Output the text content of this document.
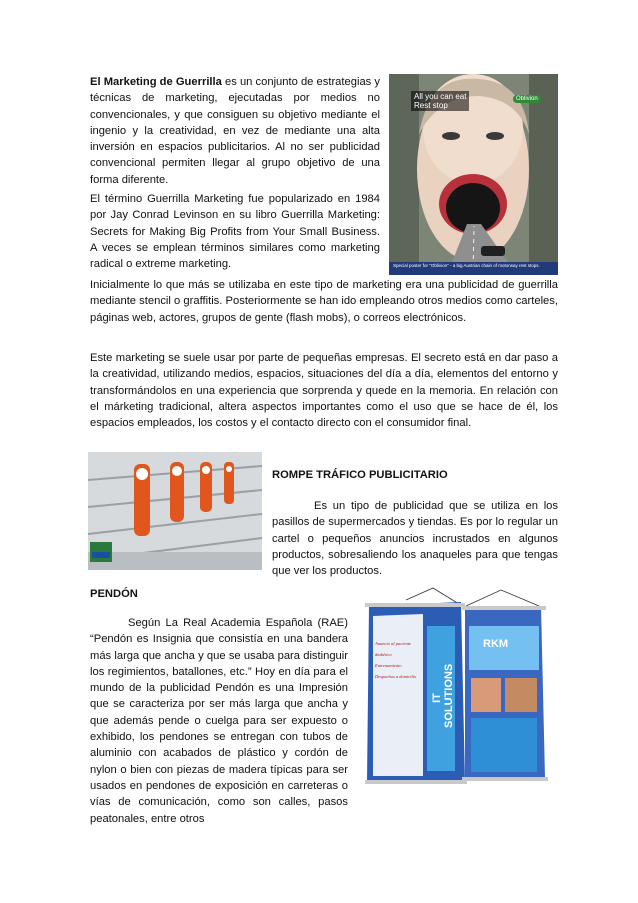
El Marketing de Guerrilla es un conjunto de estrategias y técnicas de marketing, ejecutadas por medios no convencionales, y que consiguen su objetivo mediante el ingenio y la creatividad, en vez de mediante una alta inversión en espacios publicitarios. Al no ser publicidad convencional permiten llegar al grupo objetivo de una forma diferente.

El término Guerrilla Marketing fue popularizado en 1984 por Jay Conrad Levinson en su libro Guerrilla Marketing: Secrets for Making Big Profits from Your Small Business. A veces se emplean términos similares como marketing radical o extreme marketing.

Inicialmente lo que más se utilizaba en este tipo de marketing era una publicidad de guerrilla mediante stencil o graffitis. Posteriormente se han ido empleando otros medios como carteles, páginas web, actores, grupos de gente (flash mobs), o correos electrónicos.

Este marketing se suele usar por parte de pequeñas empresas. El secreto está en dar paso a la creatividad, utilizando medios, espacios, situaciones del día a día, elementos del entorno y transformándolos en una experiencia que sorprenda y quede en la memoria. En relación con el márketing tradicional, altera aspectos importantes como el uso que se hace de él, los espacios empleados, los costos y el contacto directo con el consumidor final.

All you can eat
Rest stop
Oblivion
Special poster for "Oblivion" - a big Austrian chain of motorway rest stops.

ROMPE TRÁFICO PUBLICITARIO

Es un tipo de publicidad que se utiliza en los pasillos de supermercados y tiendas. Es por lo regular un cartel o pequeños anuncios incrustados en algunos productos, sobresaliendo los anaqueles para que tengas que ver los productos.

PENDÓN

Según La Real Academia Española (RAE) “Pendón es Insignia que consistía en una bandera más larga que ancha y que se usaba para distinguir los regimientos, batallones, etc.” Hoy en día para el mundo de la publicidad Pendón es una Impresión que se caracteriza por ser más larga que ancha y que además pende o cuelga para ser expuesto o exhibido, los pendones se entregan con tubos de aluminio con acabados de plástico y cordón de nylon o bien con piezas de madera típicas para ser usados en pendones de exposición en carreteras o vías de comunicación, como son calles, pasos peatonales, entre otros

Anuncio al paciente diabético
Entrenamiento
Despachos a domicilio
IT SOLUTIONS
RKM
